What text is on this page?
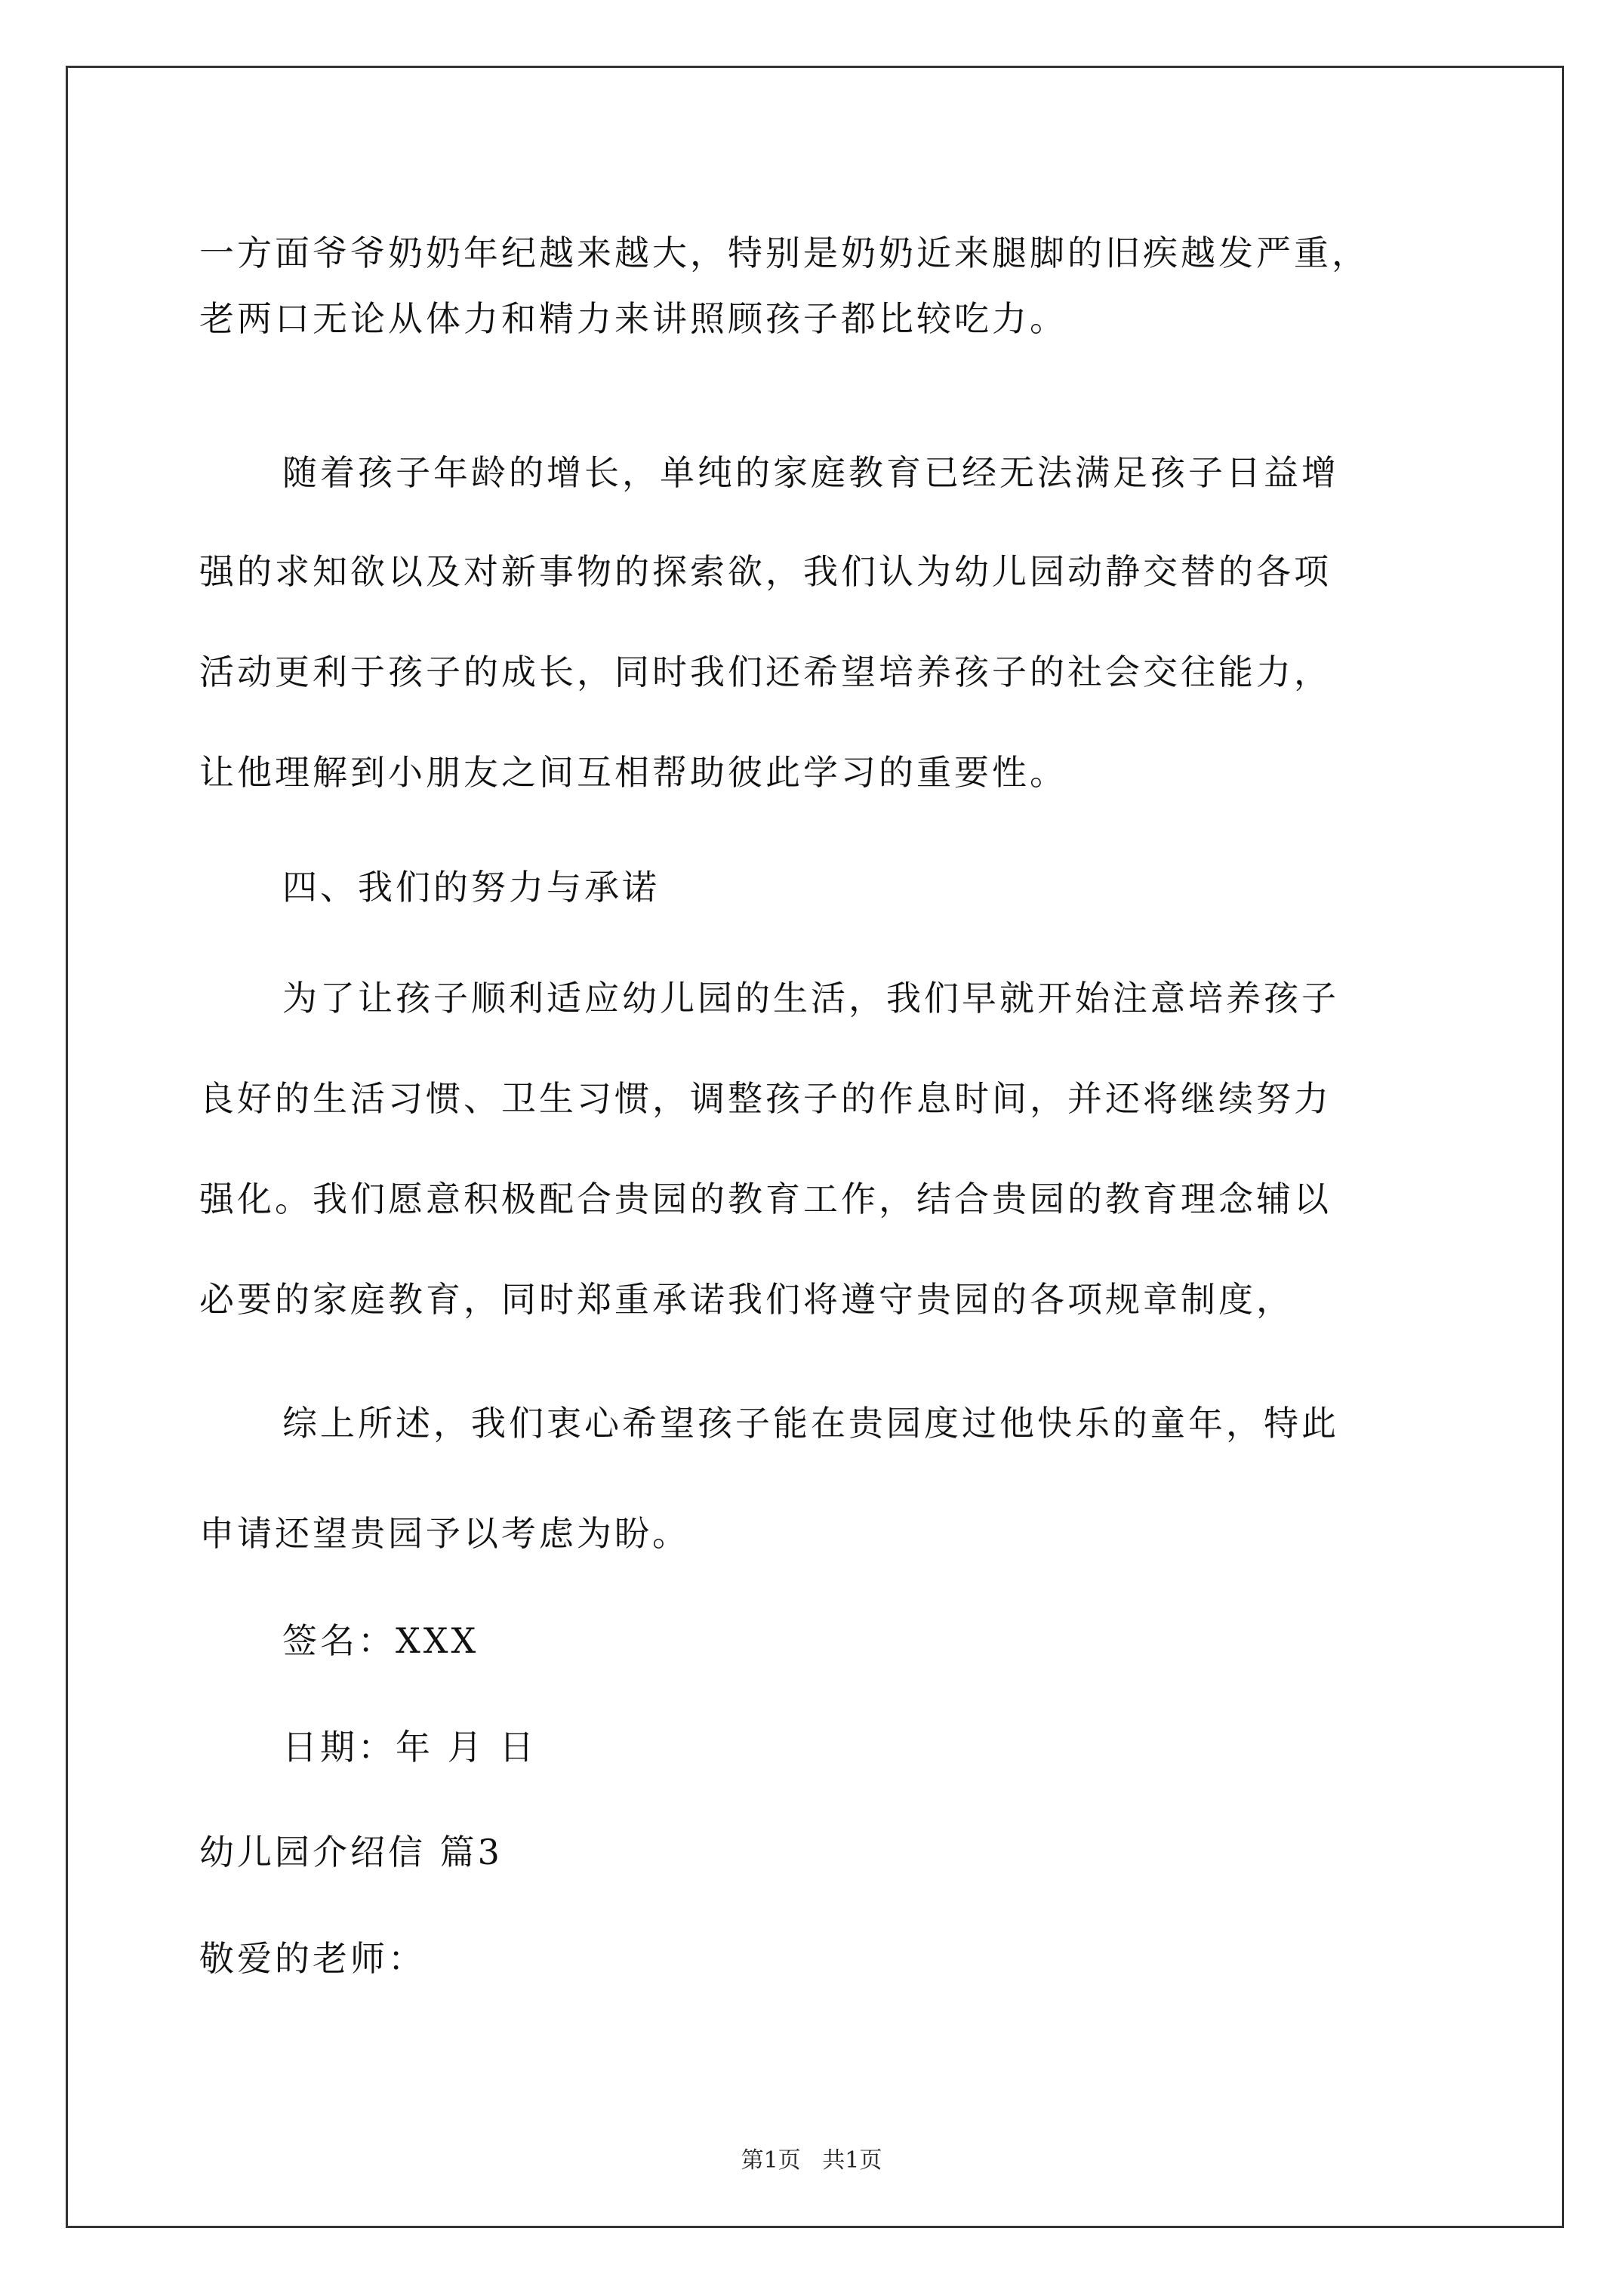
一方面爷爷奶奶年纪越来越大，特别是奶奶近来腿脚的旧疾越发严重，
老两口无论从体力和精力来讲照顾孩子都比较吃力。
随着孩子年龄的增长，单纯的家庭教育已经无法满足孩子日益增
强的求知欲以及对新事物的探索欲，我们认为幼儿园动静交替的各项
活动更利于孩子的成长，同时我们还希望培养孩子的社会交往能力，
让他理解到小朋友之间互相帮助彼此学习的重要性。
四、我们的努力与承诺
为了让孩子顺利适应幼儿园的生活，我们早就开始注意培养孩子
良好的生活习惯、卫生习惯，调整孩子的作息时间，并还将继续努力
强化。我们愿意积极配合贵园的教育工作，结合贵园的教育理念辅以
必要的家庭教育，同时郑重承诺我们将遵守贵园的各项规章制度，
综上所述，我们衷心希望孩子能在贵园度过他快乐的童年，特此
申请还望贵园予以考虑为盼。
签名：XXX
日期：年 月 日
幼儿园介绍信 篇3
敬爱的老师：
第1页   共1页
